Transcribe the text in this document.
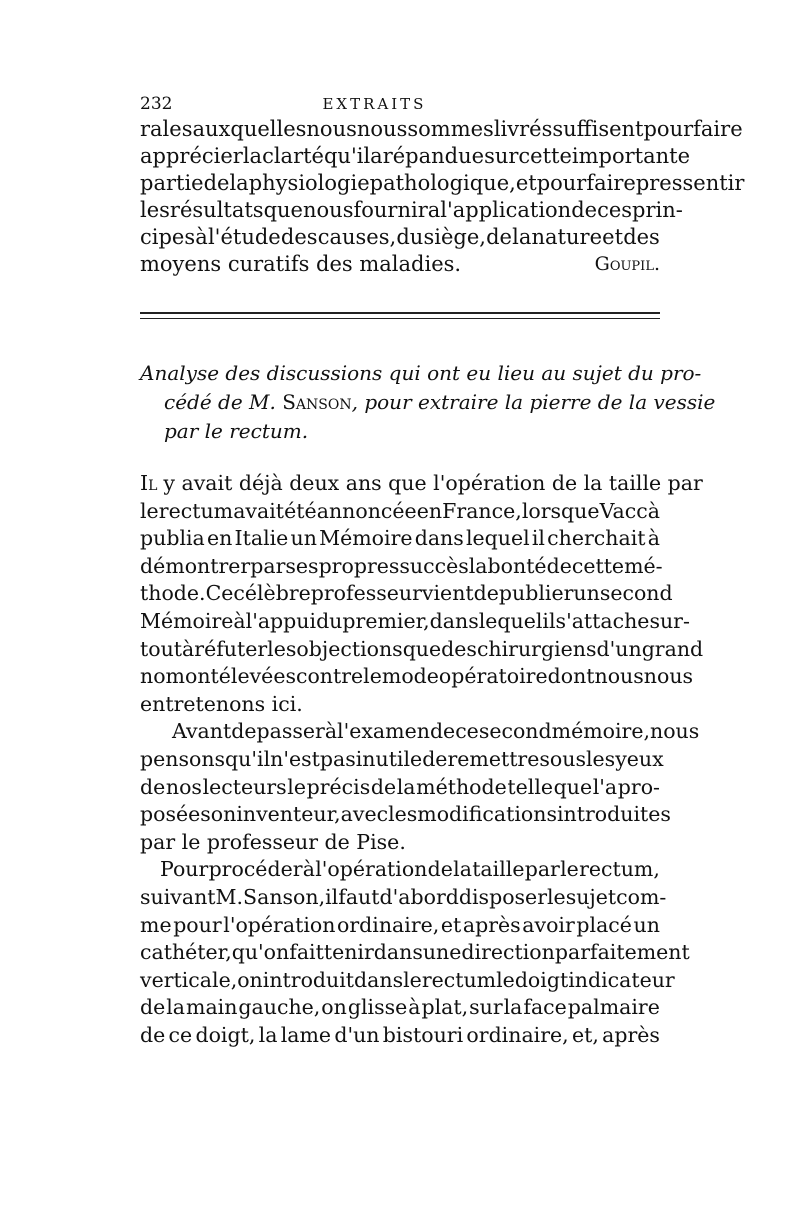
232	EXTRAITS
rales auxquelles nous nous sommes livrés suffisent pour faire
apprécier la clarté qu'il a répandue sur cette importante
partie de la physiologie pathologique, et pour faire pressentir
les résultats que nous fournira l'application de ces prin-
cipes à l'étude des causes, du siège, de la nature et des
moyens curatifs des maladies.	Goupil.
Analyse des discussions qui ont eu lieu au sujet du pro-
cédé de M. Sanson, pour extraire la pierre de la vessie
par le rectum.
Il y avait déjà deux ans que l'opération de la taille par
le rectum avait été annoncée en France, lorsque Vaccà
publia en Italie un Mémoire dans lequel il cherchait à
démontrer par ses propres succès la bonté de cette mé-
thode. Ce célèbre professeur vient de publier un second
Mémoire à l'appui du premier, dans lequel il s'attache sur-
tout à réfuter les objections que des chirurgiens d'un grand
nom ont élevées contre le mode opératoire dont nous nous
entretenons ici.
Avant de passer à l'examen de ce second mémoire, nous
pensons qu'il n'est pas inutile de remettre sous les yeux
de nos lecteurs le précis de la méthode telle que l'a pro-
posée son inventeur, avec les modifications introduites
par le professeur de Pise.
Pour procéder à l'opération de la taille par le rectum,
suivant M. Sanson, il faut d'abord disposer le sujet com-
me pour l'opération ordinaire, et après avoir placé un
cathéter, qu'on fait tenir dans une direction parfaitement
verticale, on introduit dans le rectum le doigt indicateur
de la main gauche, on glisse à plat, sur la face palmaire
de ce doigt, la lame d'un bistouri ordinaire, et, après
